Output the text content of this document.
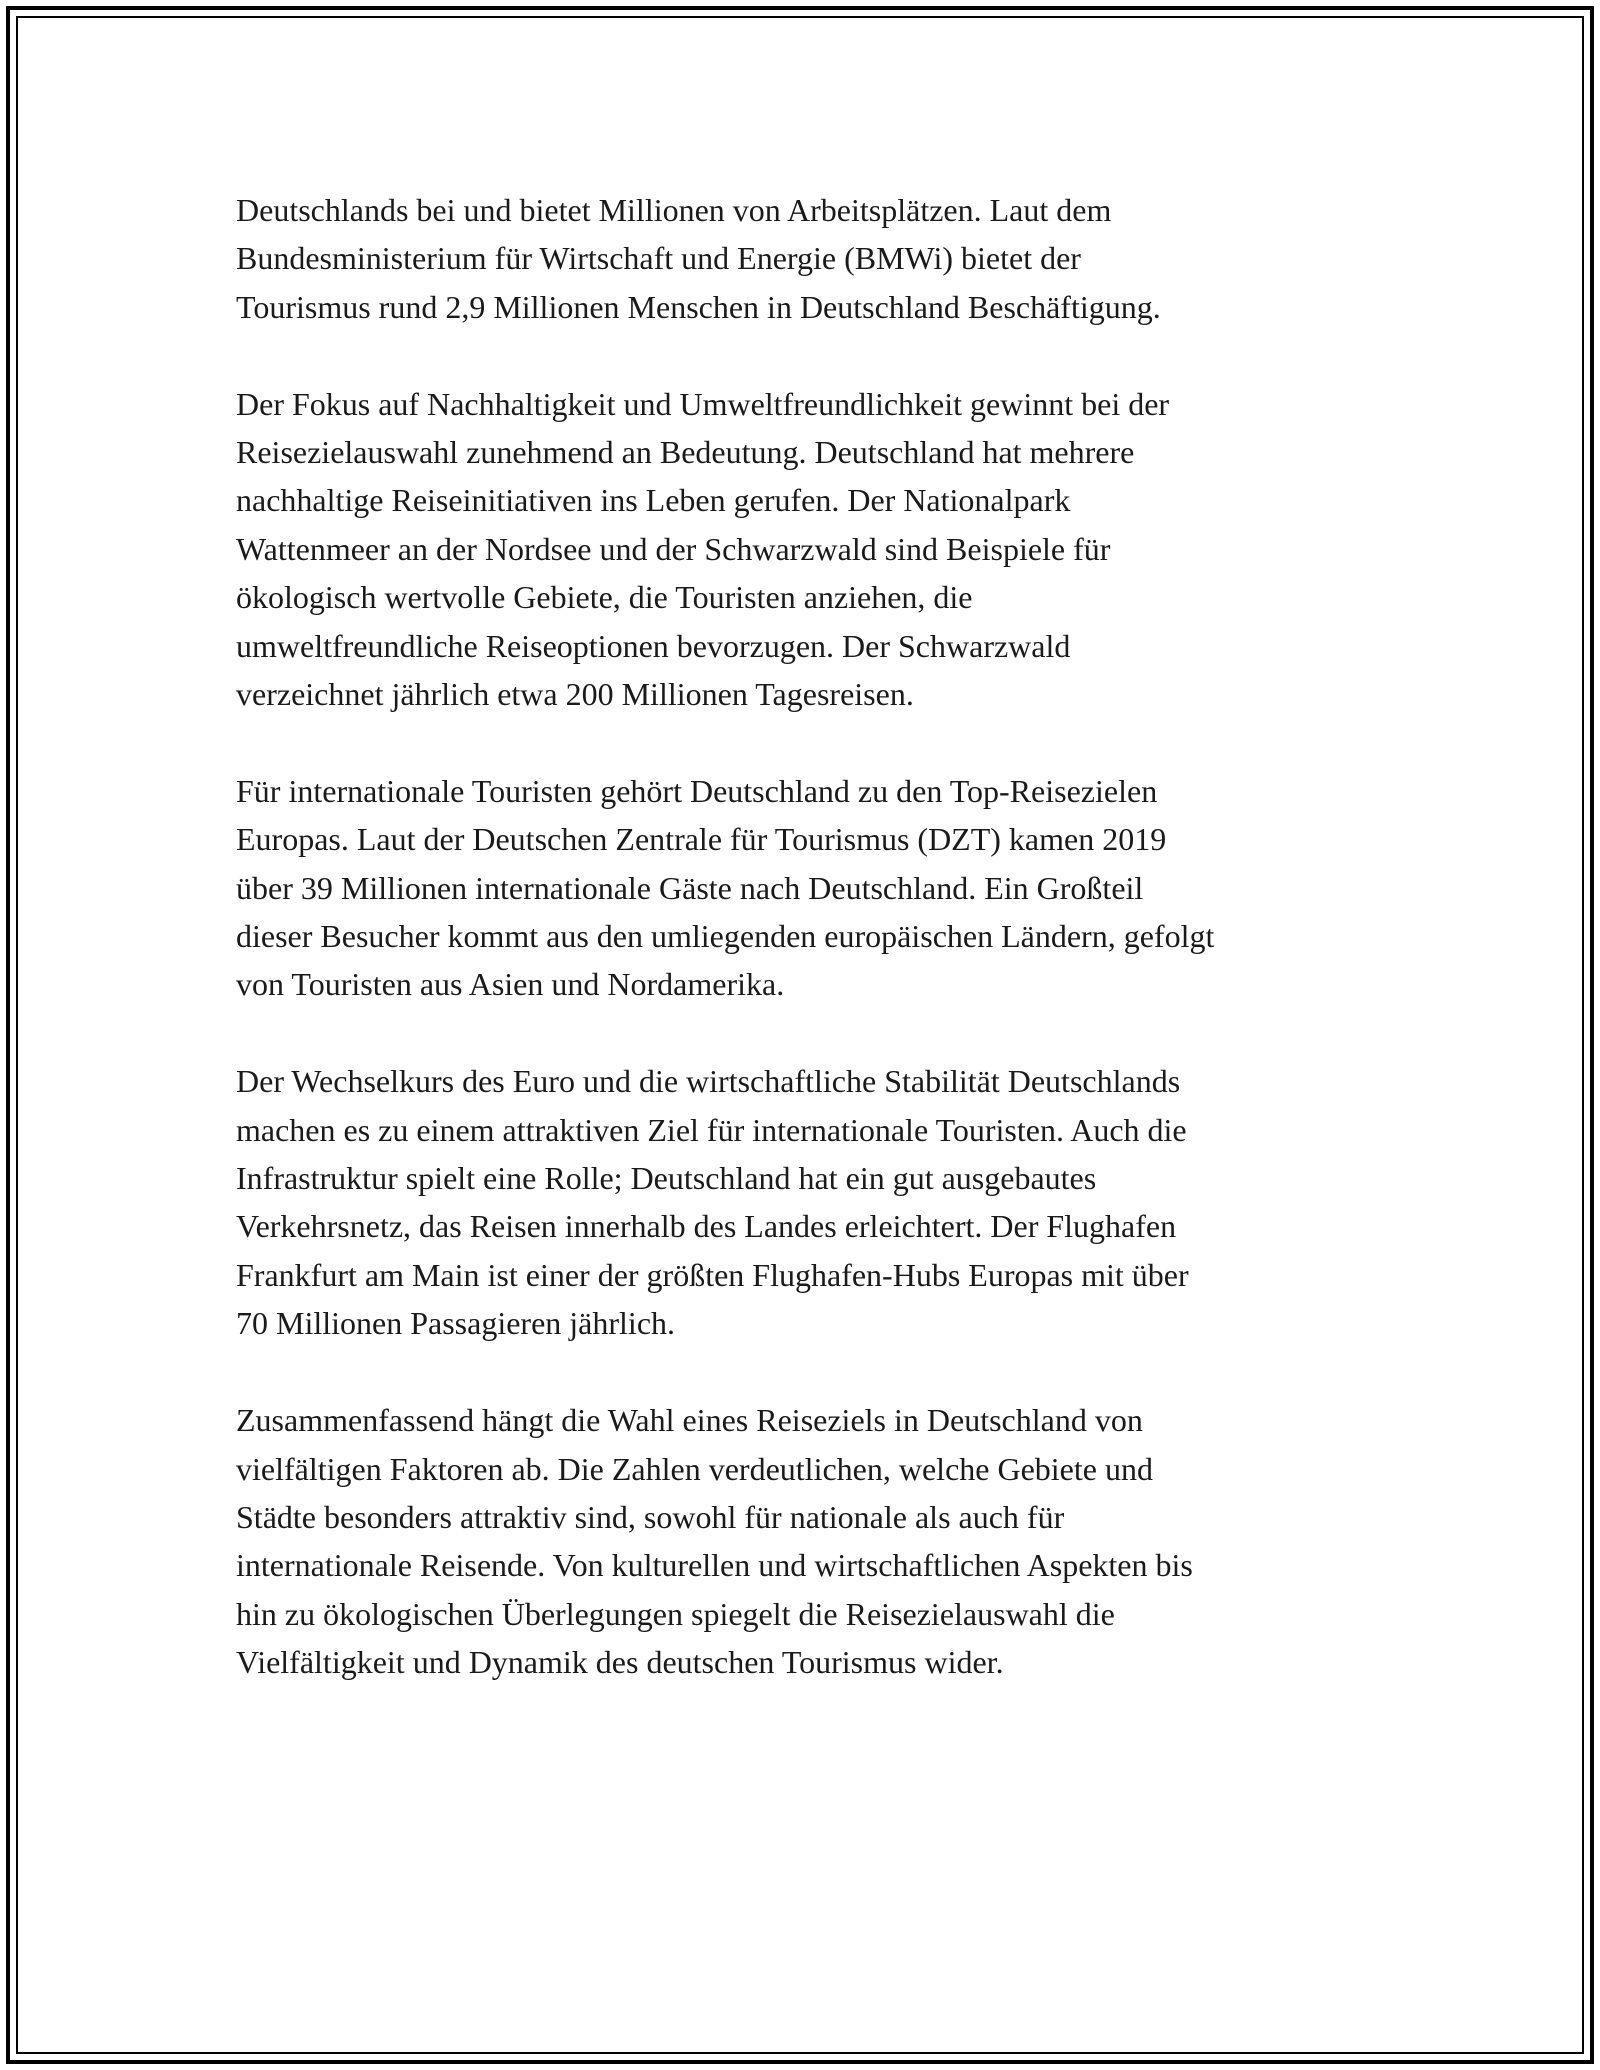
Deutschlands bei und bietet Millionen von Arbeitsplätzen. Laut dem
Bundesministerium für Wirtschaft und Energie (BMWi) bietet der
Tourismus rund 2,9 Millionen Menschen in Deutschland Beschäftigung.

Der Fokus auf Nachhaltigkeit und Umweltfreundlichkeit gewinnt bei der
Reisezielauswahl zunehmend an Bedeutung. Deutschland hat mehrere
nachhaltige Reiseinitiativen ins Leben gerufen. Der Nationalpark
Wattenmeer an der Nordsee und der Schwarzwald sind Beispiele für
ökologisch wertvolle Gebiete, die Touristen anziehen, die
umweltfreundliche Reiseoptionen bevorzugen. Der Schwarzwald
verzeichnet jährlich etwa 200 Millionen Tagesreisen.

Für internationale Touristen gehört Deutschland zu den Top-Reisezielen
Europas. Laut der Deutschen Zentrale für Tourismus (DZT) kamen 2019
über 39 Millionen internationale Gäste nach Deutschland. Ein Großteil
dieser Besucher kommt aus den umliegenden europäischen Ländern, gefolgt
von Touristen aus Asien und Nordamerika.

Der Wechselkurs des Euro und die wirtschaftliche Stabilität Deutschlands
machen es zu einem attraktiven Ziel für internationale Touristen. Auch die
Infrastruktur spielt eine Rolle; Deutschland hat ein gut ausgebautes
Verkehrsnetz, das Reisen innerhalb des Landes erleichtert. Der Flughafen
Frankfurt am Main ist einer der größten Flughafen-Hubs Europas mit über
70 Millionen Passagieren jährlich.

Zusammenfassend hängt die Wahl eines Reiseziels in Deutschland von
vielfältigen Faktoren ab. Die Zahlen verdeutlichen, welche Gebiete und
Städte besonders attraktiv sind, sowohl für nationale als auch für
internationale Reisende. Von kulturellen und wirtschaftlichen Aspekten bis
hin zu ökologischen Überlegungen spiegelt die Reisezielauswahl die
Vielfältigkeit und Dynamik des deutschen Tourismus wider.
